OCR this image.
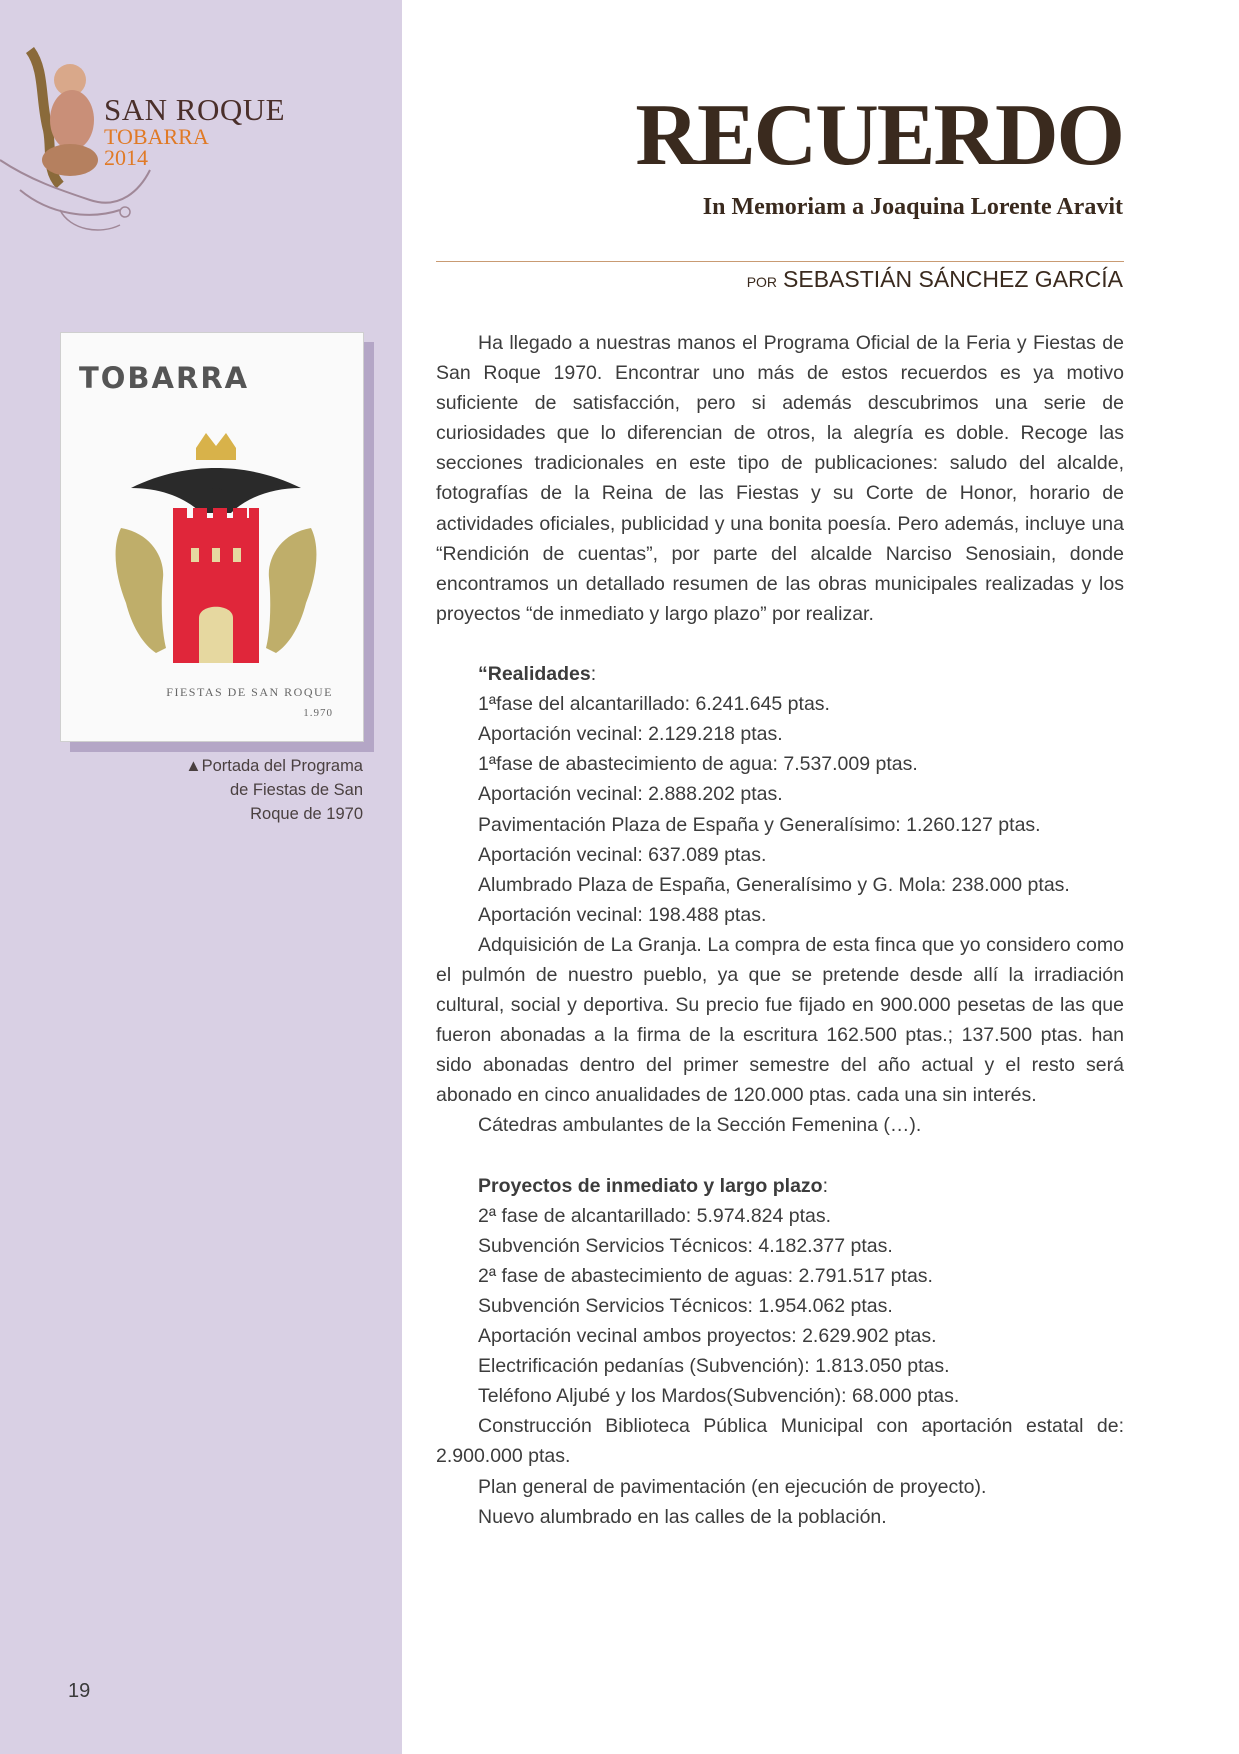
SAN ROQUE
TOBARRA
2014
TOBARRA
FIESTAS DE SAN ROQUE
1.970
▲Portada del Programa de Fiestas de San Roque de 1970
19
RECUERDO
In Memoriam a Joaquina Lorente Aravit
POR SEBASTIÁN SÁNCHEZ GARCÍA

Ha llegado a nuestras manos el Programa Oficial de la Feria y Fiestas de San Roque 1970. Encontrar uno más de estos recuerdos es ya motivo suficiente de satisfacción, pero si además descubrimos una serie de curiosidades que lo diferencian de otros, la alegría es doble. Recoge las secciones tradicionales en este tipo de publicaciones: saludo del alcalde, fotografías de la Reina de las Fiestas y su Corte de Honor, horario de actividades oficiales, publicidad y una bonita poesía. Pero además, incluye una “Rendición de cuentas”, por parte del alcalde Narciso Senosiain, donde encontramos un detallado resumen de las obras municipales realizadas y los proyectos “de inmediato y largo plazo” por realizar.

“Realidades:

1ªfase del alcantarillado: 6.241.645 ptas.

Aportación vecinal: 2.129.218 ptas.

1ªfase de abastecimiento de agua: 7.537.009 ptas.

Aportación vecinal: 2.888.202 ptas.

Pavimentación Plaza de España y Generalísimo: 1.260.127 ptas.

Aportación vecinal: 637.089 ptas.

Alumbrado Plaza de España, Generalísimo y G. Mola: 238.000 ptas.

Aportación vecinal: 198.488 ptas.

Adquisición de La Granja. La compra de esta finca que yo considero como el pulmón de nuestro pueblo, ya que se pretende desde allí la irradiación cultural, social y deportiva. Su precio fue fijado en 900.000 pesetas de las que fueron abonadas a la firma de la escritura 162.500 ptas.; 137.500 ptas. han sido abonadas dentro del primer semestre del año actual y el resto será abonado en cinco anualidades de 120.000 ptas. cada una sin interés.

Cátedras ambulantes de la Sección Femenina (…).

Proyectos de inmediato y largo plazo:

2ª fase de alcantarillado: 5.974.824 ptas.

Subvención Servicios Técnicos: 4.182.377 ptas.

2ª fase de abastecimiento de aguas: 2.791.517 ptas.

Subvención Servicios Técnicos: 1.954.062 ptas.

Aportación vecinal ambos proyectos: 2.629.902 ptas.

Electrificación pedanías (Subvención): 1.813.050 ptas.

Teléfono Aljubé y los Mardos(Subvención): 68.000 ptas.

Construcción Biblioteca Pública Municipal con aportación estatal de: 2.900.000 ptas.

Plan general de pavimentación (en ejecución de proyecto).

Nuevo alumbrado en las calles de la población.
